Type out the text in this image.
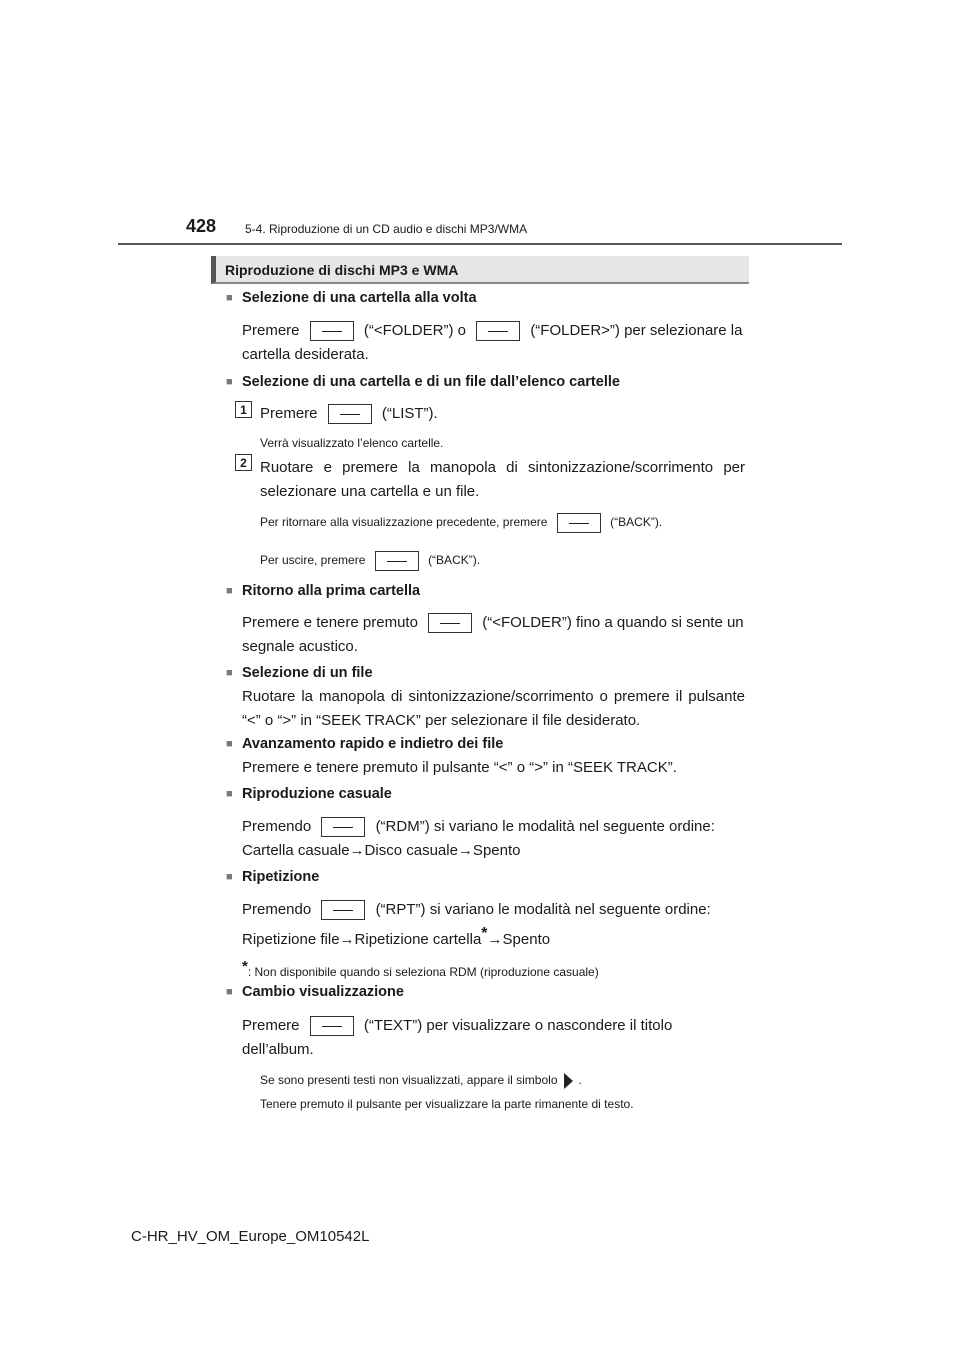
428 5-4. Riproduzione di un CD audio e dischi MP3/WMA
Riproduzione di dischi MP3 e WMA
■ Selezione di una cartella alla volta
Premere	(“<FOLDER”) o	(“FOLDER>”) per selezionare la
cartella desiderata.
■ Selezione di una cartella e di un file dall’elenco cartelle
1 Premere	(“LIST”).
Verrà visualizzato l’elenco cartelle.
2 Ruotare e premere la manopola di sintonizzazione/scorrimento per selezionare una cartella e un file.
Per ritornare alla visualizzazione precedente, premere	(“BACK”).
Per uscire, premere	(“BACK”).
■ Ritorno alla prima cartella
Premere e tenere premuto	(“<FOLDER”) fino a quando si sente un
segnale acustico.
■ Selezione di un file
Ruotare la manopola di sintonizzazione/scorrimento o premere il pulsante “<” o “>” in “SEEK TRACK” per selezionare il file desiderato.
■ Avanzamento rapido e indietro dei file
Premere e tenere premuto il pulsante “<” o “>” in “SEEK TRACK”.
■ Riproduzione casuale
Premendo	(“RDM”) si variano le modalità nel seguente ordine:
Cartella casuale→Disco casuale→Spento
■ Ripetizione
Premendo	(“RPT”) si variano le modalità nel seguente ordine:
Ripetizione file→Ripetizione cartella*→Spento
*: Non disponibile quando si seleziona RDM (riproduzione casuale)
■ Cambio visualizzazione
Premere	(“TEXT”) per visualizzare o nascondere il titolo
dell’album.
Se sono presenti testi non visualizzati, appare il simbolo .
Tenere premuto il pulsante per visualizzare la parte rimanente di testo.
C-HR_HV_OM_Europe_OM10542L
